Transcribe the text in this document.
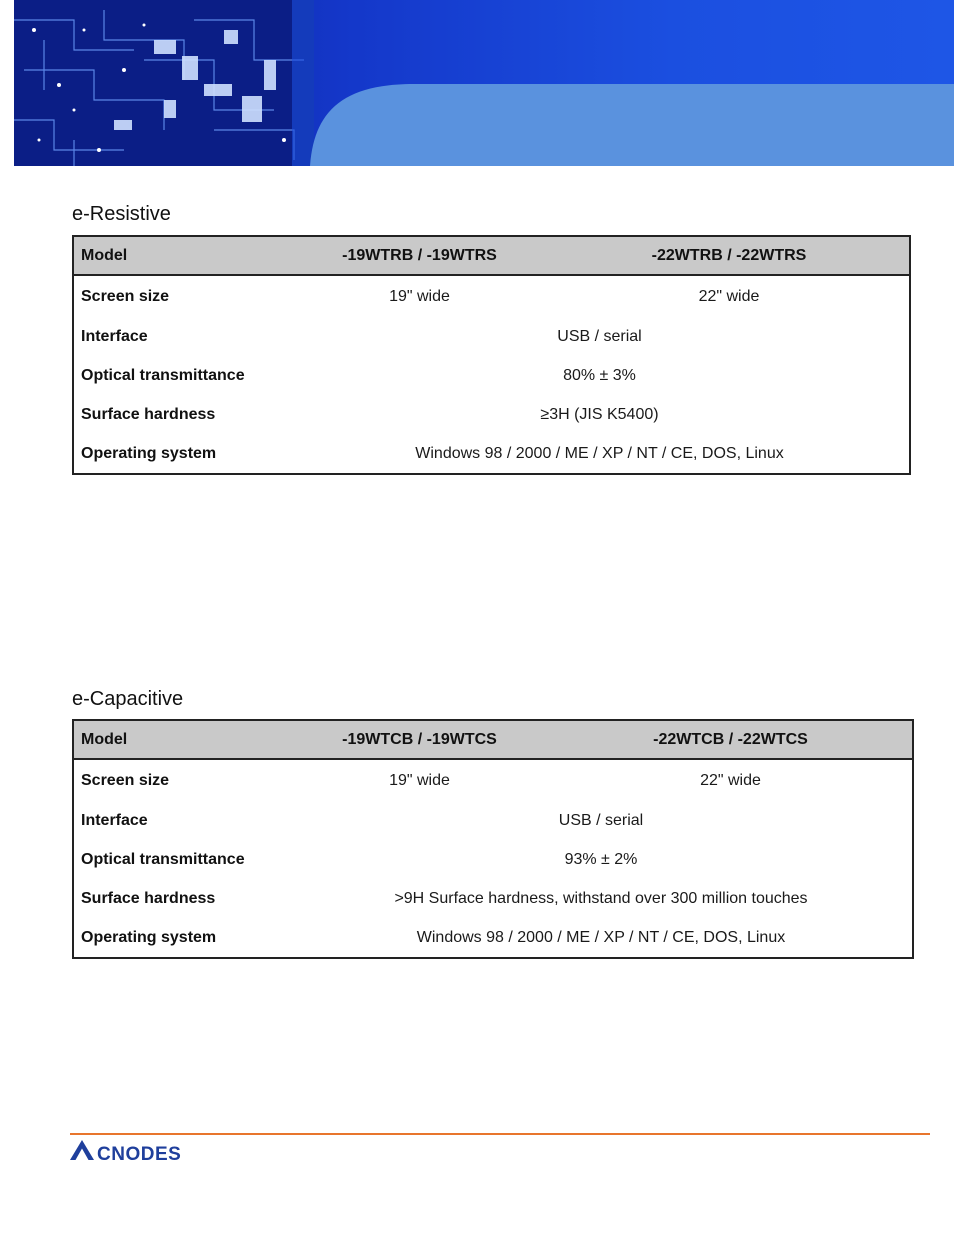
e-Resistive
Model	-19WTRB / -19WTRS	-22WTRB / -22WTRS
Screen size	19" wide	22" wide
Interface	USB / serial	
Optical transmittance	80% ± 3%	
Surface hardness	≥3H (JIS K5400)	
Operating system	Windows 98 / 2000 / ME / XP / NT / CE, DOS, Linux	
e-Capacitive
Model	-19WTCB / -19WTCS	-22WTCB / -22WTCS
Screen size	19" wide	22" wide
Interface	USB / serial	
Optical transmittance	93% ± 2%	
Surface hardness	>9H Surface hardness, withstand over 300 million touches	
Operating system	Windows 98 / 2000 / ME / XP / NT / CE, DOS, Linux	
CNODES
